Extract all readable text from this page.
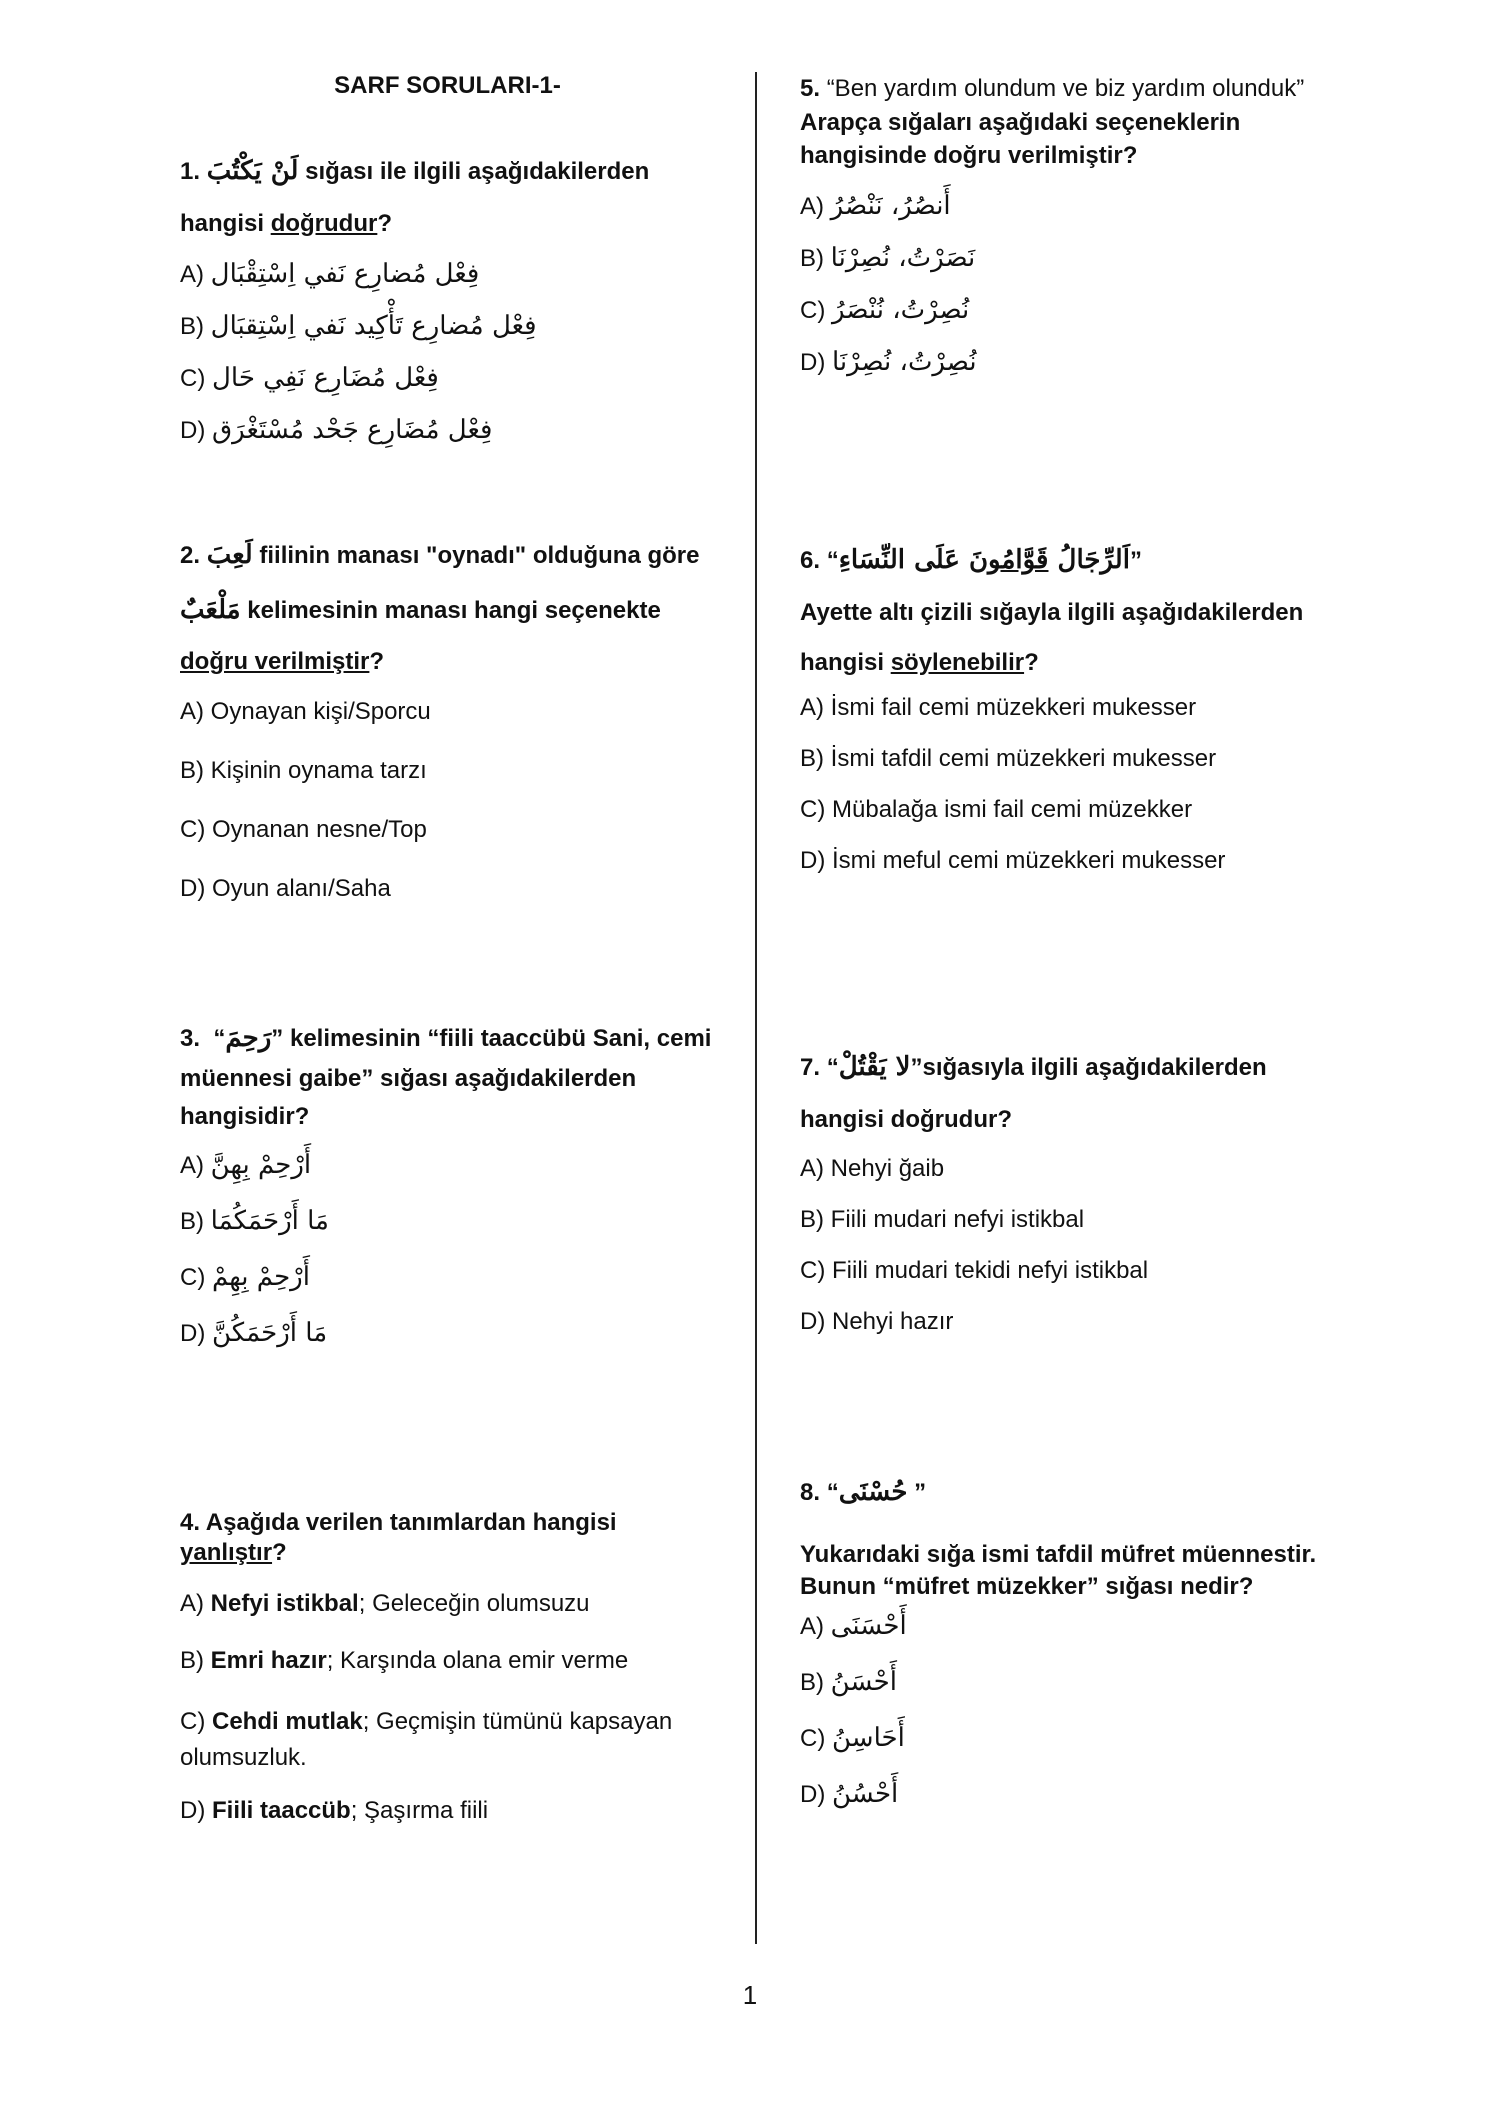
SARF SORULARI-1-
1. لَنْ يَكْتُبَ sığası ile ilgili aşağıdakilerden
hangisi doğrudur?
A) فِعْل مُضارِع نَفي اِسْتِقْبَال
B) فِعْل مُضارِع تَأْكِيد نَفي اِسْتِقبَال
C) فِعْل مُضَارِع نَفِي حَال
D) فِعْل مُضَارِع جَحْد مُسْتَغْرَق
2. لَعِبَ fiilinin manası "oynadı" olduğuna göre
مَلْعَبٌ kelimesinin manası hangi seçenekte
doğru verilmiştir?
A) Oynayan kişi/Sporcu
B) Kişinin oynama tarzı
C) Oynanan nesne/Top
D) Oyun alanı/Saha
3. “رَحِمَ” kelimesinin “fiili taaccübü Sani, cemi
müennesi gaibe” sığası aşağıdakilerden
hangisidir?
A) أَرْحِمْ بِهِنَّ
B) مَا أَرْحَمَكُمَا
C) أَرْحِمْ بِهِمْ
D) مَا أَرْحَمَكُنَّ
4. Aşağıda verilen tanımlardan hangisi
yanlıştır?
A) Nefyi istikbal; Geleceğin olumsuzu
B) Emri hazır; Karşında olana emir verme
C) Cehdi mutlak; Geçmişin tümünü kapsayan olumsuzluk.
D) Fiili taaccüb; Şaşırma fiili
5. “Ben yardım olundum ve biz yardım olunduk”
Arapça sığaları aşağıdaki seçeneklerin hangisinde doğru verilmiştir?
A) أَنصُرُ، نَنْصُرُ
B) نَصَرْتُ، نُصِرْنَا
C) نُصِرْتُ، نُنْصَرُ
D) نُصِرْتُ، نُصِرْنَا
6. “	اَلرِّجَالُ قَوَّامُونَ عَلَى النِّسَاءِ	”
Ayette altı çizili sığayla ilgili aşağıdakilerden
hangisi söylenebilir?
A) İsmi fail cemi müzekkeri mukesser
B) İsmi tafdil cemi müzekkeri mukesser
C) Mübalağa ismi fail cemi müzekker
D) İsmi meful cemi müzekkeri mukesser
7. “لا يَقْتُلْ”sığasıyla ilgili aşağıdakilerden
hangisi doğrudur?
A) Nehyi ğaib
B) Fiili mudari nefyi istikbal
C) Fiili mudari tekidi nefyi istikbal
D) Nehyi hazır
8. “حُسْنَى ”
Yukarıdaki sığa ismi tafdil müfret müennestir. Bunun “müfret müzekker” sığası nedir?
A) أَحْسَنَى
B) أَحْسَنُ
C) أَحَاسِنُ
D) أَحْسُنُ
1
